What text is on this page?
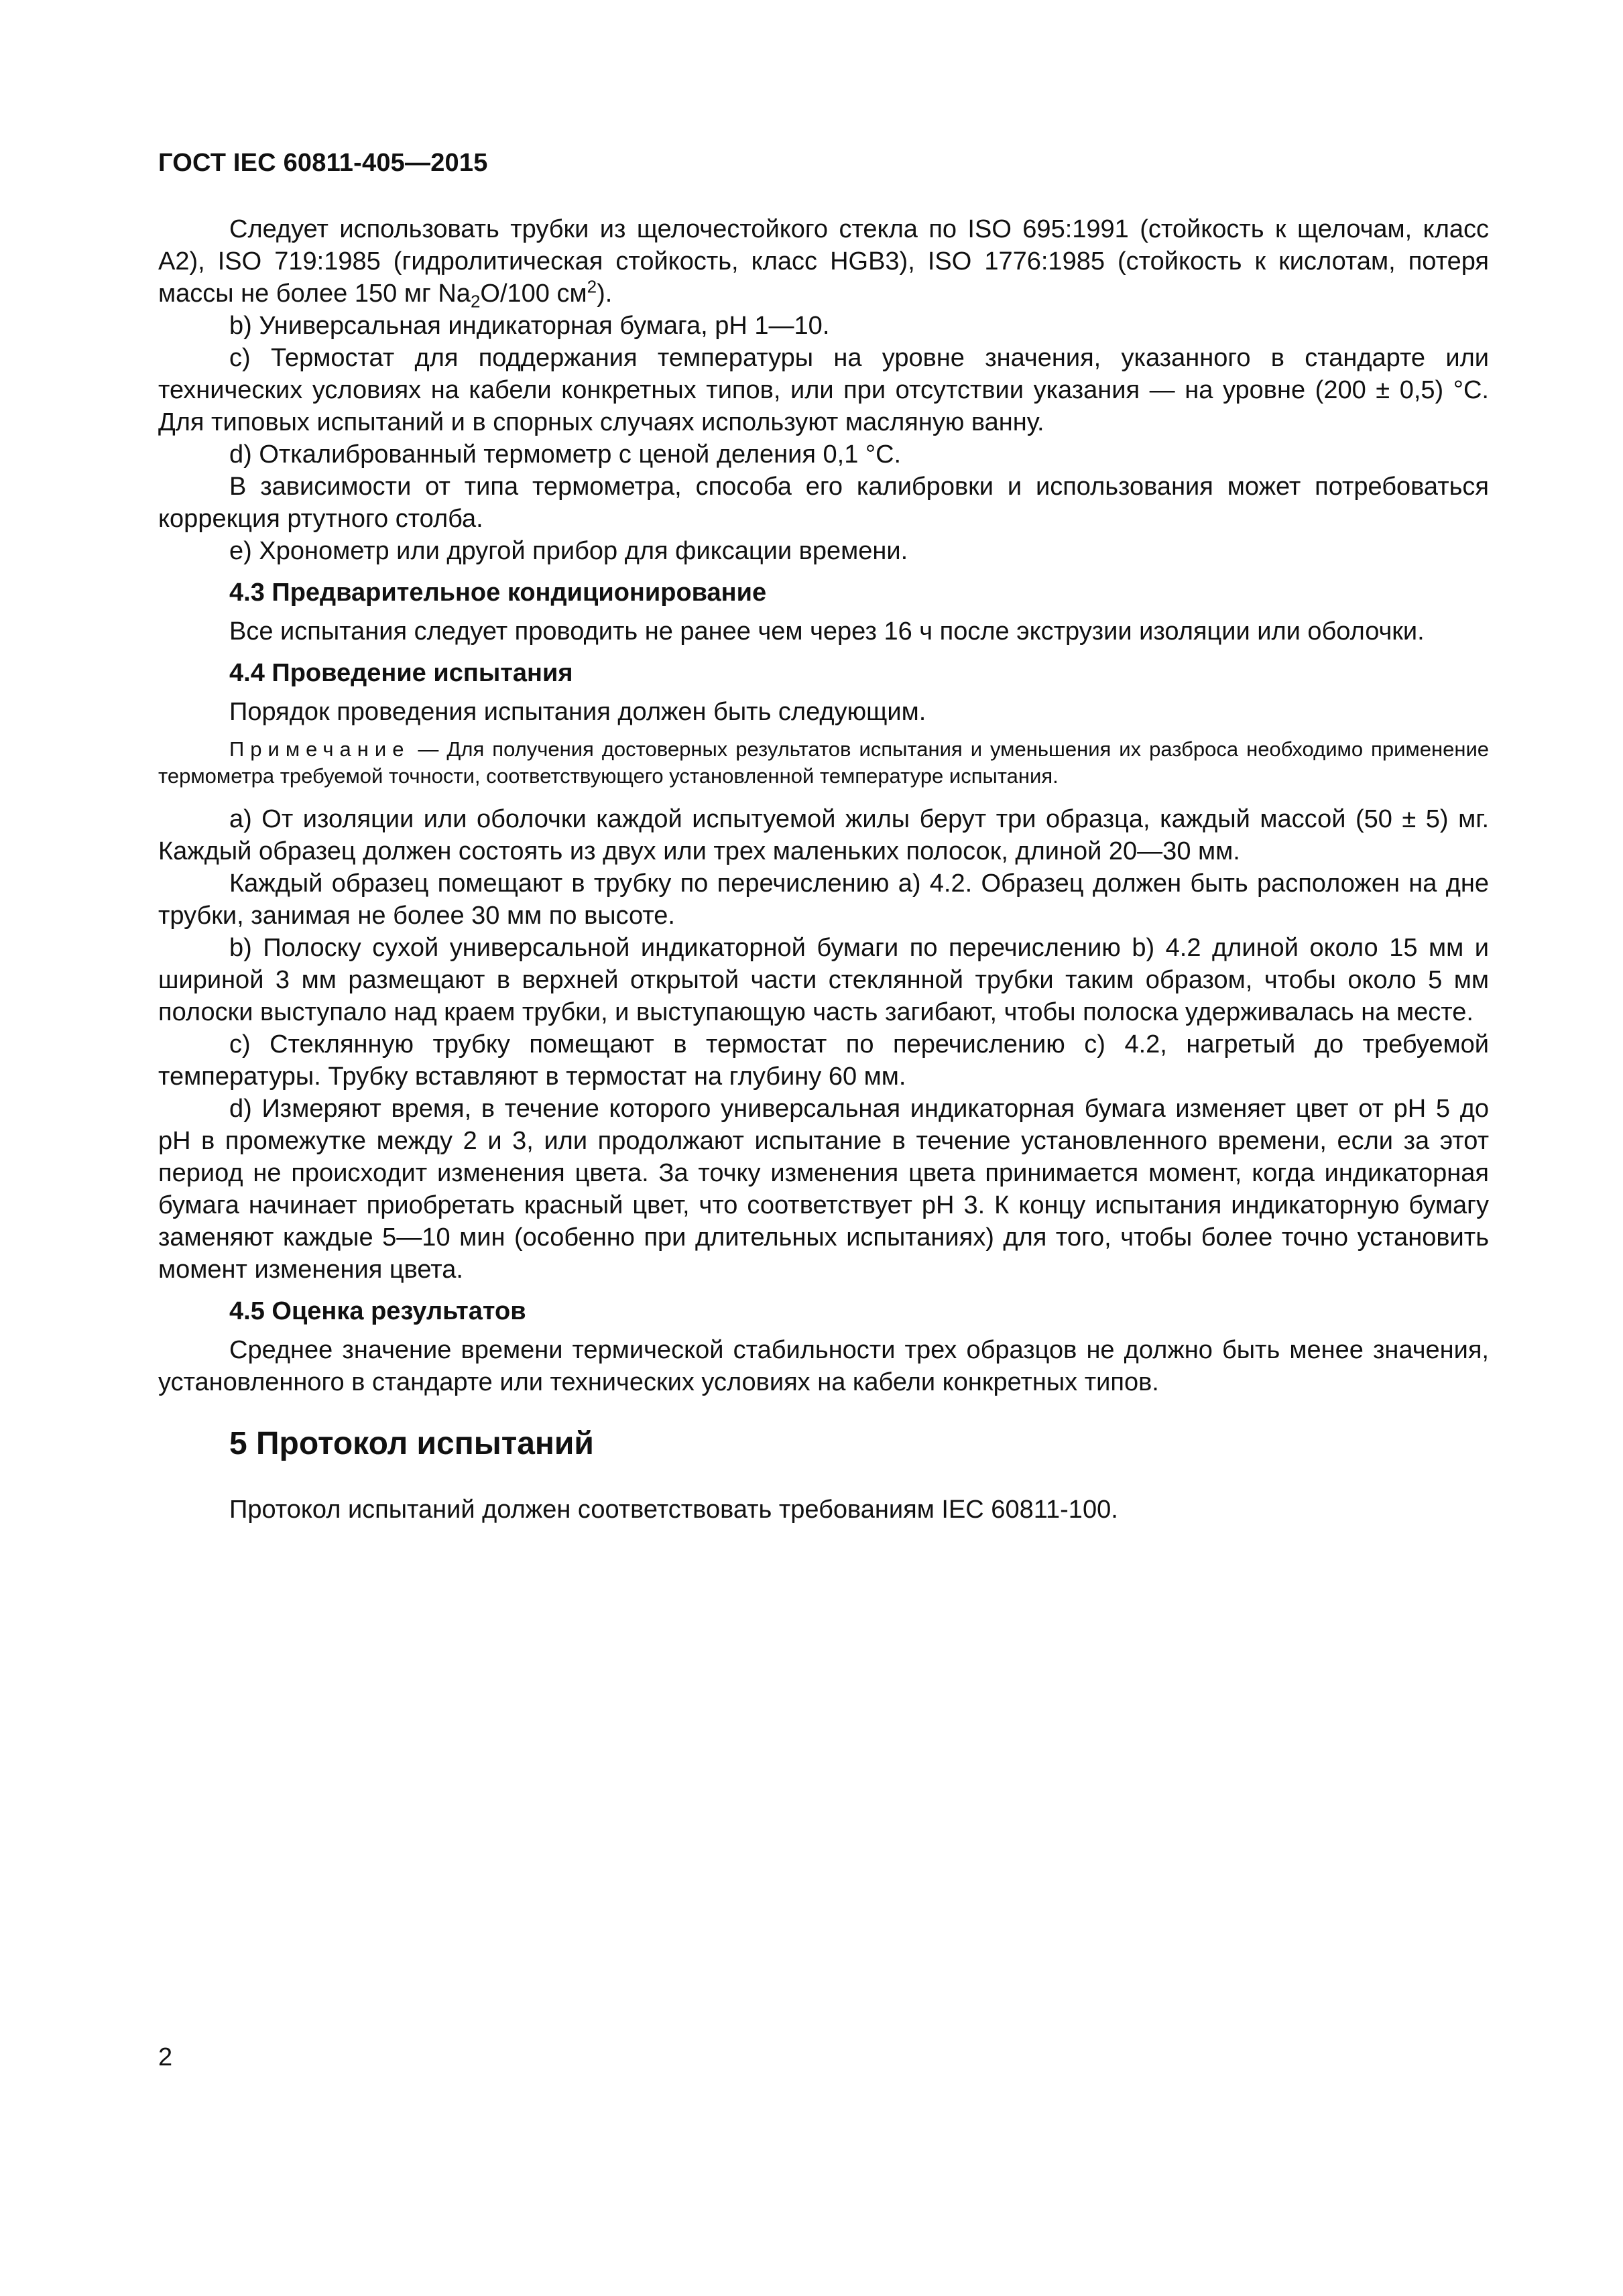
ГОСТ IEC 60811-405—2015

Следует использовать трубки из щелочестойкого стекла по ISO 695:1991 (стойкость к щелочам, класс А2), ISO 719:1985 (гидролитическая стойкость, класс HGB3), ISO 1776:1985 (стойкость к кислотам, потеря массы не более 150 мг $Na_2O/100$ $см^2$).

b) Универсальная индикаторная бумага, рН 1—10.

с) Термостат для поддержания температуры на уровне значения, указанного в стандарте или технических условиях на кабели конкретных типов, или при отсутствии указания — на уровне (200 ± 0,5) °С. Для типовых испытаний и в спорных случаях используют масляную ванну.

d) Откалиброванный термометр с ценой деления 0,1 °С.

В зависимости от типа термометра, способа его калибровки и использования может потребоваться коррекция ртутного столба.

е) Хронометр или другой прибор для фиксации времени.

4.3 Предварительное кондиционирование

Все испытания следует проводить не ранее чем через 16 ч после экструзии изоляции или оболочки.

4.4 Проведение испытания

Порядок проведения испытания должен быть следующим.

Примечание — Для получения достоверных результатов испытания и уменьшения их разброса необходимо применение термометра требуемой точности, соответствующего установленной температуре испытания.

а) От изоляции или оболочки каждой испытуемой жилы берут три образца, каждый массой (50 ± 5) мг. Каждый образец должен состоять из двух или трех маленьких полосок, длиной 20—30 мм.

Каждый образец помещают в трубку по перечислению а) 4.2. Образец должен быть расположен на дне трубки, занимая не более 30 мм по высоте.

b) Полоску сухой универсальной индикаторной бумаги по перечислению b) 4.2 длиной около 15 мм и шириной 3 мм размещают в верхней открытой части стеклянной трубки таким образом, чтобы около 5 мм полоски выступало над краем трубки, и выступающую часть загибают, чтобы полоска удерживалась на месте.

с) Стеклянную трубку помещают в термостат по перечислению с) 4.2, нагретый до требуемой температуры. Трубку вставляют в термостат на глубину 60 мм.

d) Измеряют время, в течение которого универсальная индикаторная бумага изменяет цвет от рН 5 до рН в промежутке между 2 и 3, или продолжают испытание в течение установленного времени, если за этот период не происходит изменения цвета. За точку изменения цвета принимается момент, когда индикаторная бумага начинает приобретать красный цвет, что соответствует рН 3. К концу испытания индикаторную бумагу заменяют каждые 5—10 мин (особенно при длительных испытаниях) для того, чтобы более точно установить момент изменения цвета.

4.5 Оценка результатов

Среднее значение времени термической стабильности трех образцов не должно быть менее значения, установленного в стандарте или технических условиях на кабели конкретных типов.

5 Протокол испытаний

Протокол испытаний должен соответствовать требованиям IEC 60811-100.

2
